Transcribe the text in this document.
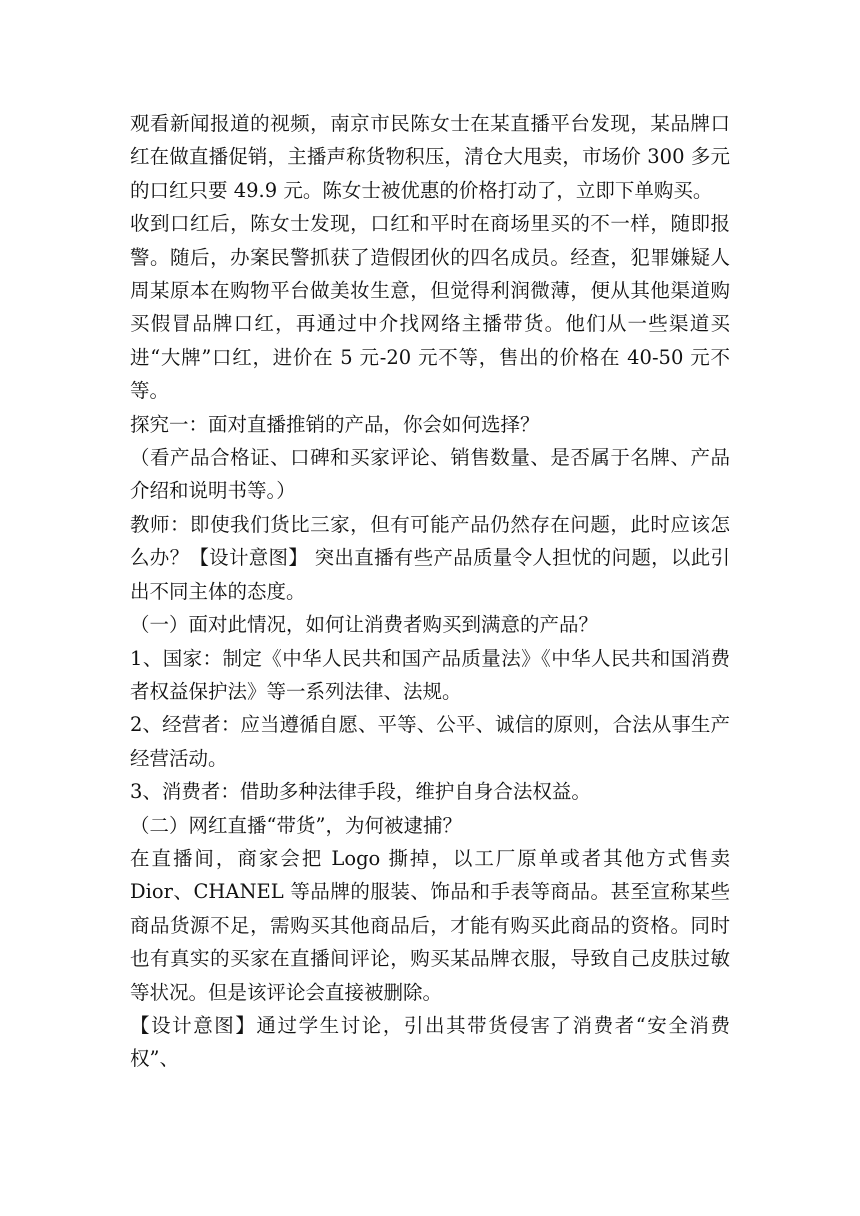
观看新闻报道的视频，南京市民陈女士在某直播平台发现，某品牌口红在做直播促销，主播声称货物积压，清仓大甩卖，市场价 300 多元的口红只要 49.9 元。陈女士被优惠的价格打动了，立即下单购买。

收到口红后，陈女士发现，口红和平时在商场里买的不一样，随即报警。随后，办案民警抓获了造假团伙的四名成员。经查，犯罪嫌疑人周某原本在购物平台做美妆生意，但觉得利润微薄，便从其他渠道购买假冒品牌口红，再通过中介找网络主播带货。他们从一些渠道买进“大牌”口红，进价在 5 元-20 元不等，售出的价格在 40-50 元不等。

探究一：面对直播推销的产品，你会如何选择？

（看产品合格证、口碑和买家评论、销售数量、是否属于名牌、产品介绍和说明书等。）

教师：即使我们货比三家，但有可能产品仍然存在问题，此时应该怎么办？【设计意图】 突出直播有些产品质量令人担忧的问题，以此引出不同主体的态度。

（一）面对此情况，如何让消费者购买到满意的产品？

1、国家：制定《中华人民共和国产品质量法》《中华人民共和国消费者权益保护法》等一系列法律、法规。

2、经营者：应当遵循自愿、平等、公平、诚信的原则，合法从事生产经营活动。

3、消费者：借助多种法律手段，维护自身合法权益。

（二）网红直播“带货”，为何被逮捕？

在直播间，商家会把 Logo 撕掉，以工厂原单或者其他方式售卖 Dior、CHANEL 等品牌的服装、饰品和手表等商品。甚至宣称某些商品货源不足，需购买其他商品后，才能有购买此商品的资格。同时也有真实的买家在直播间评论，购买某品牌衣服，导致自己皮肤过敏等状况。但是该评论会直接被删除。

【设计意图】通过学生讨论，引出其带货侵害了消费者“安全消费权”、
